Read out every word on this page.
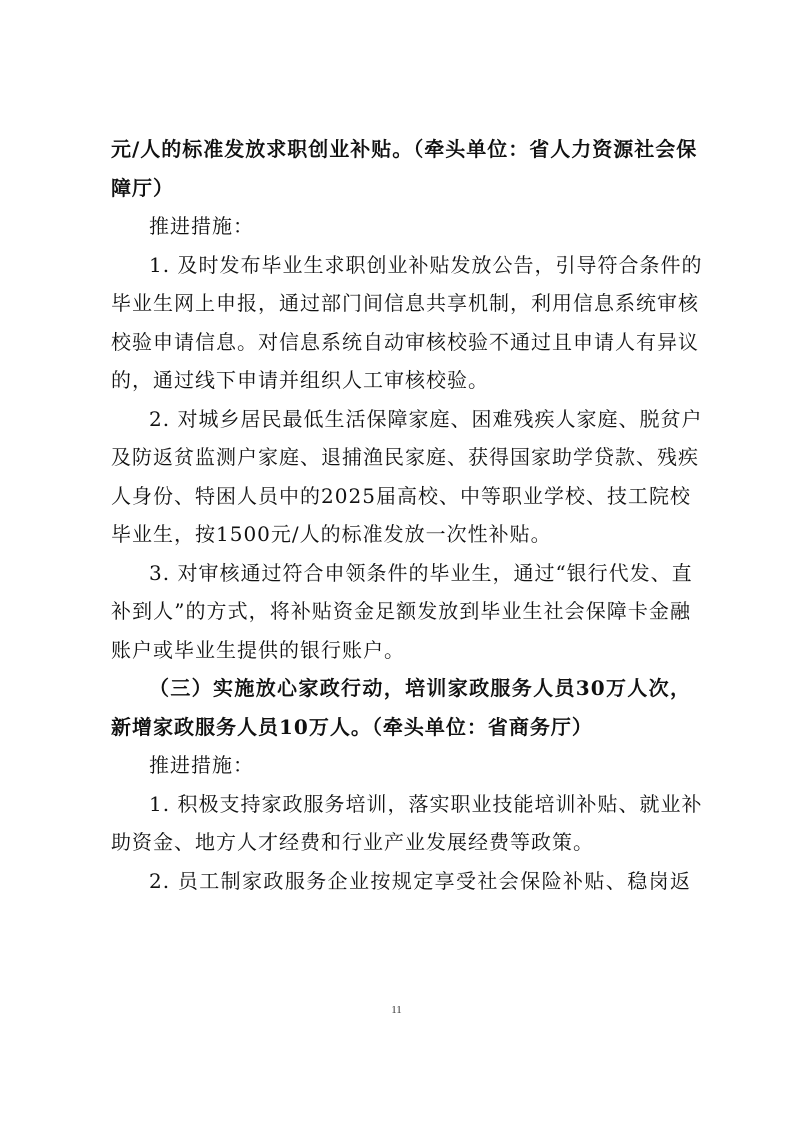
元/人的标准发放求职创业补贴。（牵头单位：省人力资源社会保
障厅）
推进措施：
1. 及时发布毕业生求职创业补贴发放公告，引导符合条件的
毕业生网上申报，通过部门间信息共享机制，利用信息系统审核
校验申请信息。对信息系统自动审核校验不通过且申请人有异议
的，通过线下申请并组织人工审核校验。
2. 对城乡居民最低生活保障家庭、困难残疾人家庭、脱贫户
及防返贫监测户家庭、退捕渔民家庭、获得国家助学贷款、残疾
人身份、特困人员中的2025届高校、中等职业学校、技工院校
毕业生，按1500元/人的标准发放一次性补贴。
3. 对审核通过符合申领条件的毕业生，通过“银行代发、直
补到人”的方式，将补贴资金足额发放到毕业生社会保障卡金融
账户或毕业生提供的银行账户。
（三）实施放心家政行动，培训家政服务人员30万人次，
新增家政服务人员10万人。（牵头单位：省商务厅）
推进措施：
1. 积极支持家政服务培训，落实职业技能培训补贴、就业补
助资金、地方人才经费和行业产业发展经费等政策。
2. 员工制家政服务企业按规定享受社会保险补贴、稳岗返
11
